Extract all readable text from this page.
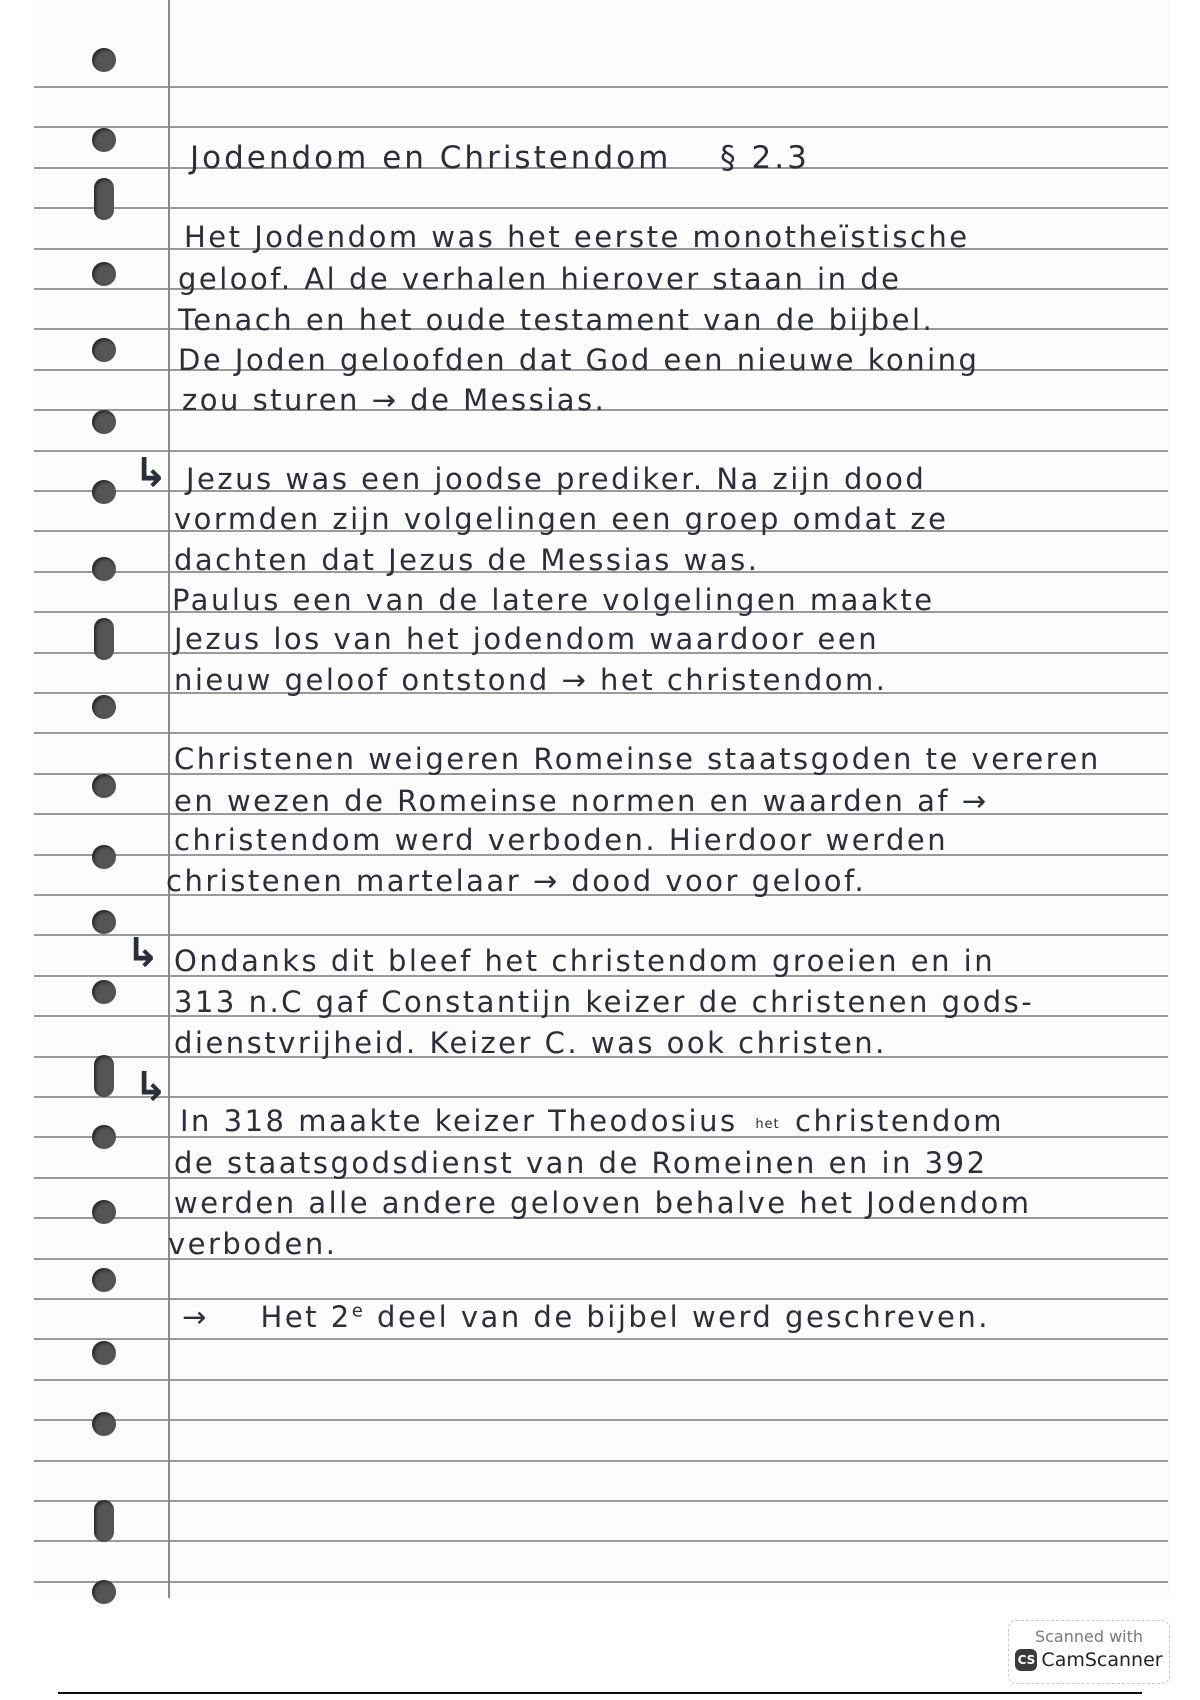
Jodendom en Christendom § 2.3
Het Jodendom was het eerste monotheïstische
geloof. Al de verhalen hierover staan in de
Tenach en het oude testament van de bijbel.
De Joden geloofden dat God een nieuwe koning
zou sturen → de Messias.
↳ Jezus was een joodse prediker. Na zijn dood
vormden zijn volgelingen een groep omdat ze
dachten dat Jezus de Messias was.
Paulus een van de latere volgelingen maakte
Jezus los van het jodendom waardoor een
nieuw geloof ontstond → het christendom.
Christenen weigeren Romeinse staatsgoden te vereren
en wezen de Romeinse normen en waarden af →
christendom werd verboden. Hierdoor werden
christenen martelaar → dood voor geloof.
↳ Ondanks dit bleef het christendom groeien en in
313 n.C gaf Constantijn keizer de christenen gods-
dienstvrijheid. Keizer C. was ook christen.
↳
In 318 maakte keizer Theodosius het christendom
de staatsgodsdienst van de Romeinen en in 392
werden alle andere geloven behalve het Jodendom
verboden.
→ Het 2e deel van de bijbel werd geschreven.
Scanned with
CS CamScanner
